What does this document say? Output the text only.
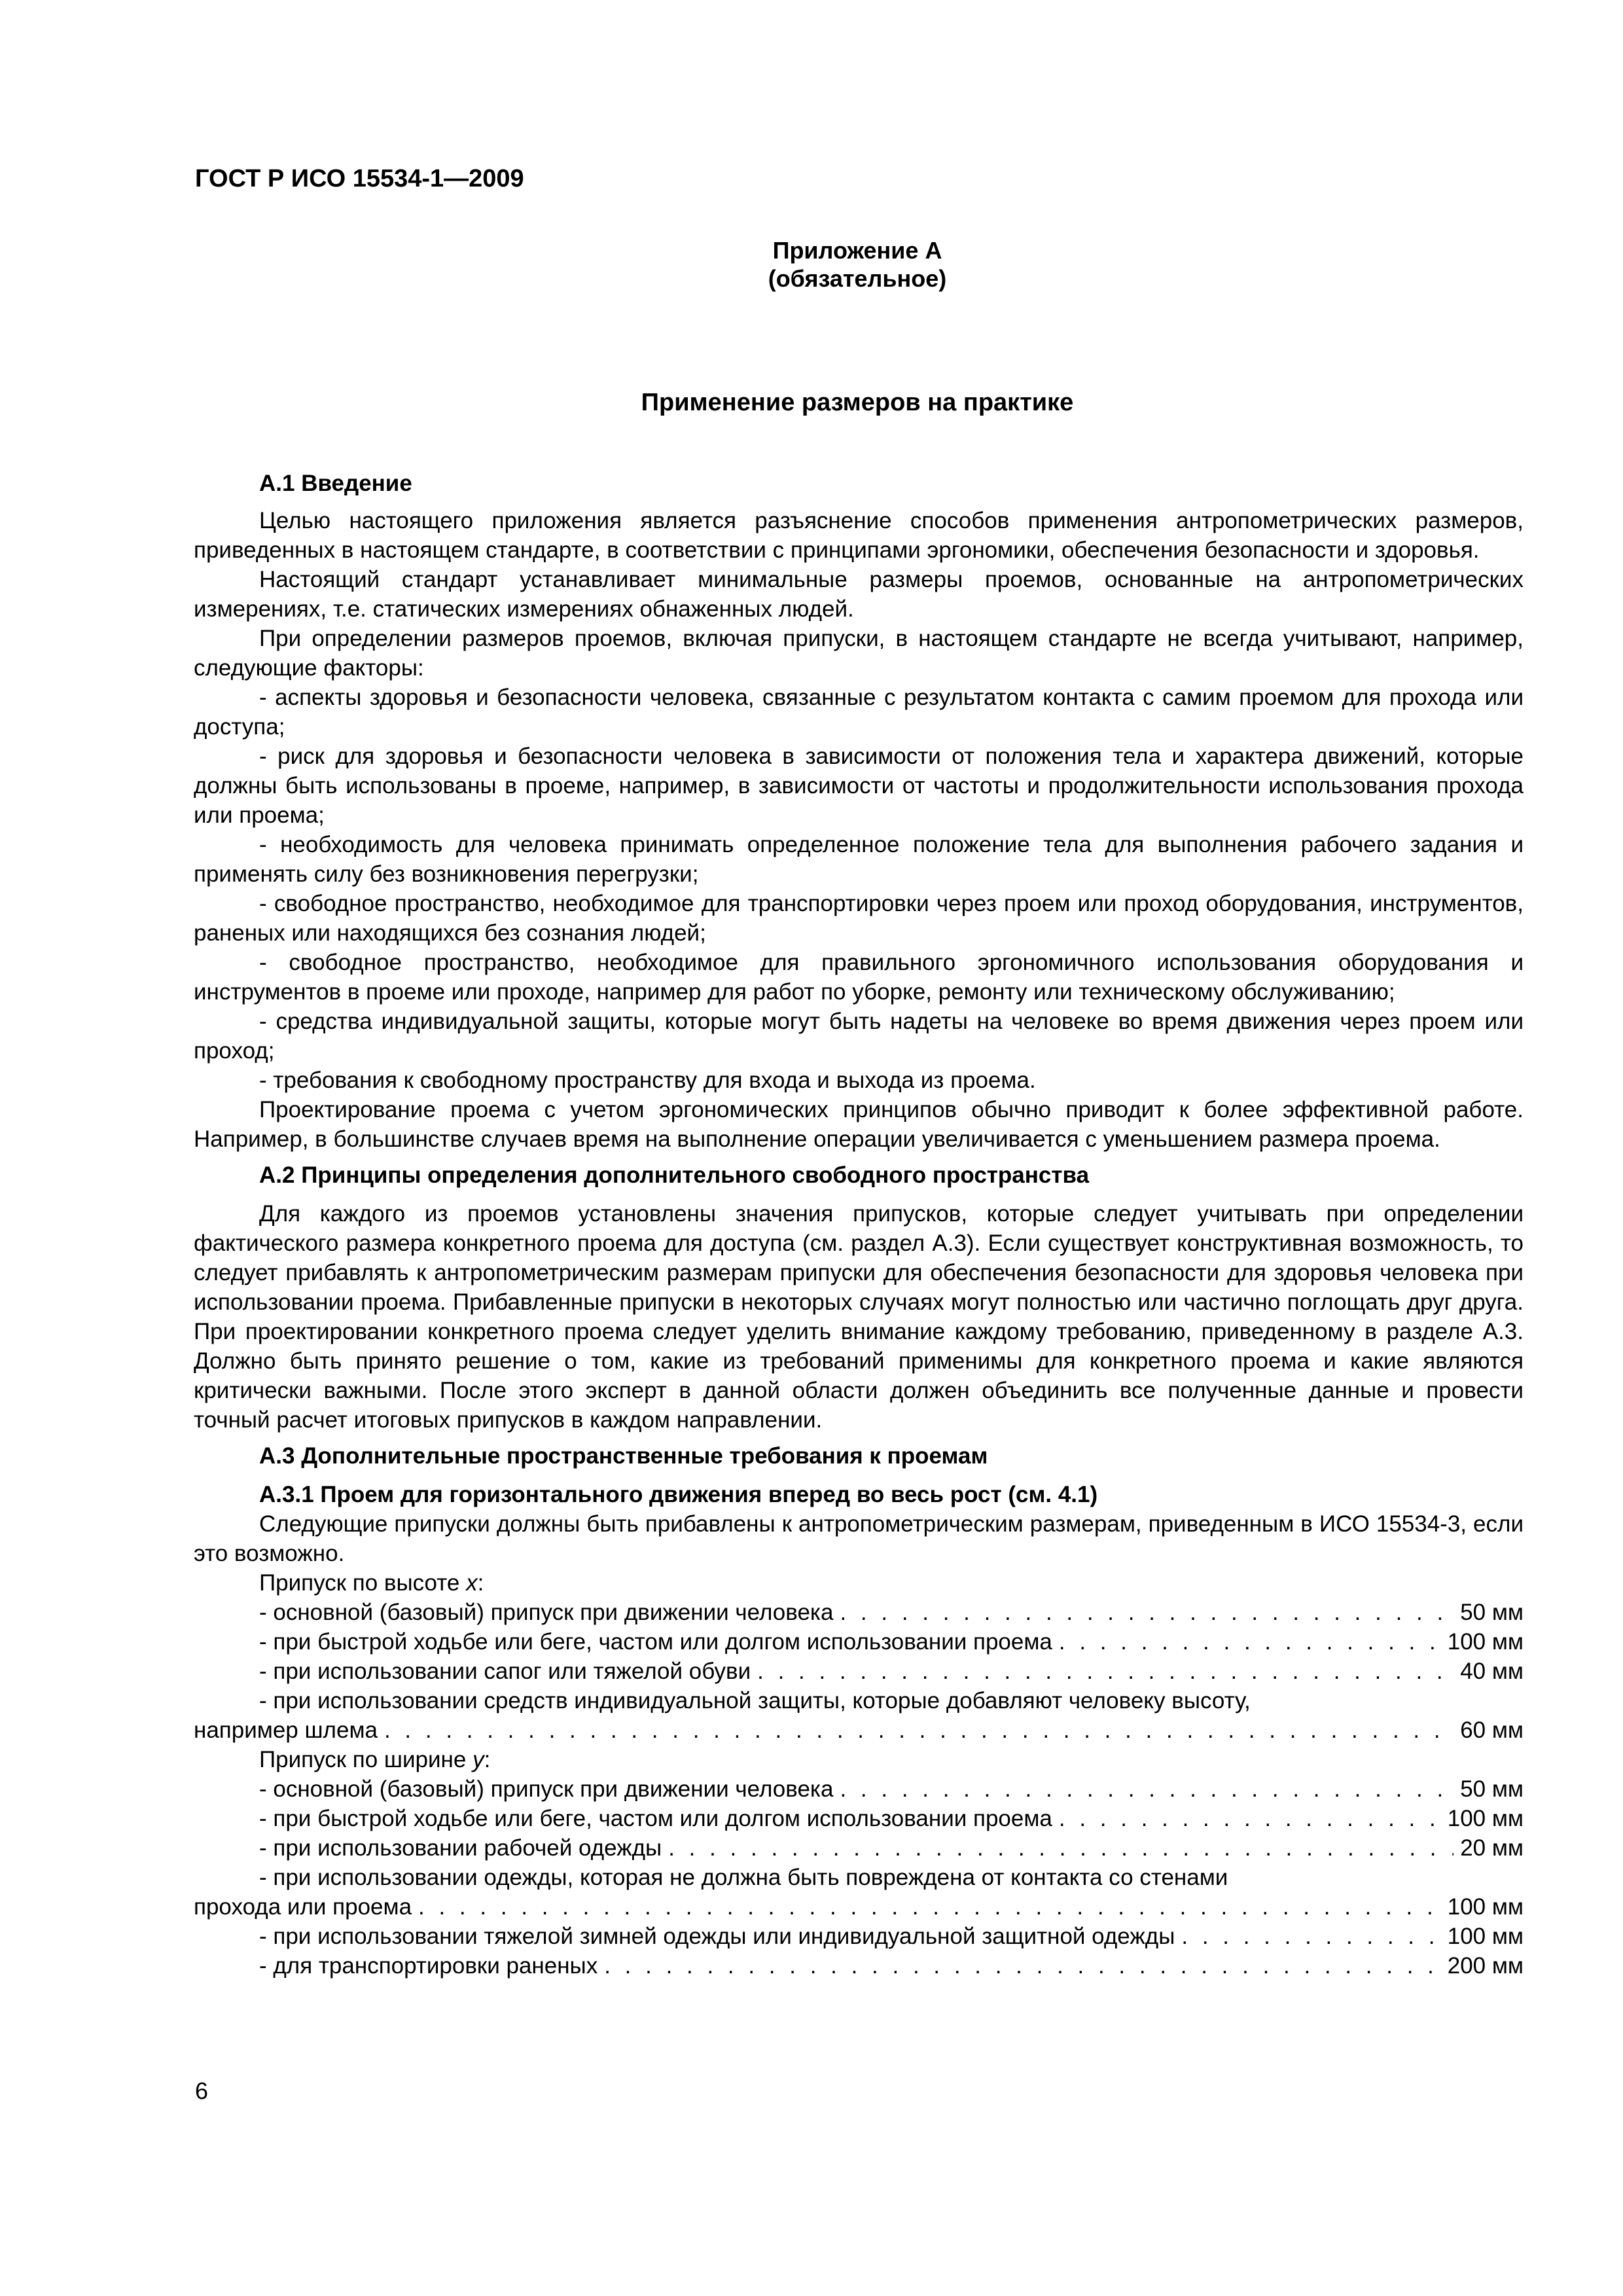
ГОСТ Р ИСО 15534-1—2009

Приложение А

(обязательное)

Применение размеров на практике
А.1 Введение

Целью настоящего приложения является разъяснение способов применения антропометрических размеров, приведенных в настоящем стандарте, в соответствии с принципами эргономики, обеспечения безопасности и здоровья.

Настоящий стандарт устанавливает минимальные размеры проемов, основанные на антропометрических измерениях, т.е. статических измерениях обнаженных людей.

При определении размеров проемов, включая припуски, в настоящем стандарте не всегда учитывают, например, следующие факторы:

- аспекты здоровья и безопасности человека, связанные с результатом контакта с самим проемом для прохода или доступа;

- риск для здоровья и безопасности человека в зависимости от положения тела и характера движений, которые должны быть использованы в проеме, например, в зависимости от частоты и продолжительности использования прохода или проема;

- необходимость для человека принимать определенное положение тела для выполнения рабочего задания и применять силу без возникновения перегрузки;

- свободное пространство, необходимое для транспортировки через проем или проход оборудования, инструментов, раненых или находящихся без сознания людей;

- свободное пространство, необходимое для правильного эргономичного использования оборудования и инструментов в проеме или проходе, например для работ по уборке, ремонту или техническому обслуживанию;

- средства индивидуальной защиты, которые могут быть надеты на человеке во время движения через проем или проход;

- требования к свободному пространству для входа и выхода из проема.

Проектирование проема с учетом эргономических принципов обычно приводит к более эффективной работе. Например, в большинстве случаев время на выполнение операции увеличивается с уменьшением размера проема.

А.2 Принципы определения дополнительного свободного пространства

Для каждого из проемов установлены значения припусков, которые следует учитывать при определении фактического размера конкретного проема для доступа (см. раздел А.3). Если существует конструктивная возможность, то следует прибавлять к антропометрическим размерам припуски для обеспечения безопасности для здоровья человека при использовании проема. Прибавленные припуски в некоторых случаях могут полностью или частично поглощать друг друга. При проектировании конкретного проема следует уделить внимание каждому требованию, приведенному в разделе А.3. Должно быть принято решение о том, какие из требований применимы для конкретного проема и какие являются критически важными. После этого эксперт в данной области должен объединить все полученные данные и провести точный расчет итоговых припусков в каждом направлении.

А.3 Дополнительные пространственные требования к проемам
А.3.1 Проем для горизонтального движения вперед во весь рост (см. 4.1)

Следующие припуски должны быть прибавлены к антропометрическим размерам, приведенным в ИСО 15534-3, если это возможно.

Припуск по высоте x:

- основной (базовый) припуск при движении человека . . .	50 мм
- при быстрой ходьбе или беге, частом или долгом использовании проема . . .	100 мм
- при использовании сапог или тяжелой обуви . . .	40 мм

- при использовании средств индивидуальной защиты, которые добавляют человеку высоту,

например шлема . . .	60 мм

Припуск по ширине y:

- основной (базовый) припуск при движении человека . . .	50 мм
- при быстрой ходьбе или беге, частом или долгом использовании проема . . .	100 мм
- при использовании рабочей одежды . . .	20 мм

- при использовании одежды, которая не должна быть повреждена от контакта со стенами

прохода или проема . . .	100 мм
- при использовании тяжелой зимней одежды или индивидуальной защитной одежды . . .	100 мм
- для транспортировки раненых . . .	200 мм

6
